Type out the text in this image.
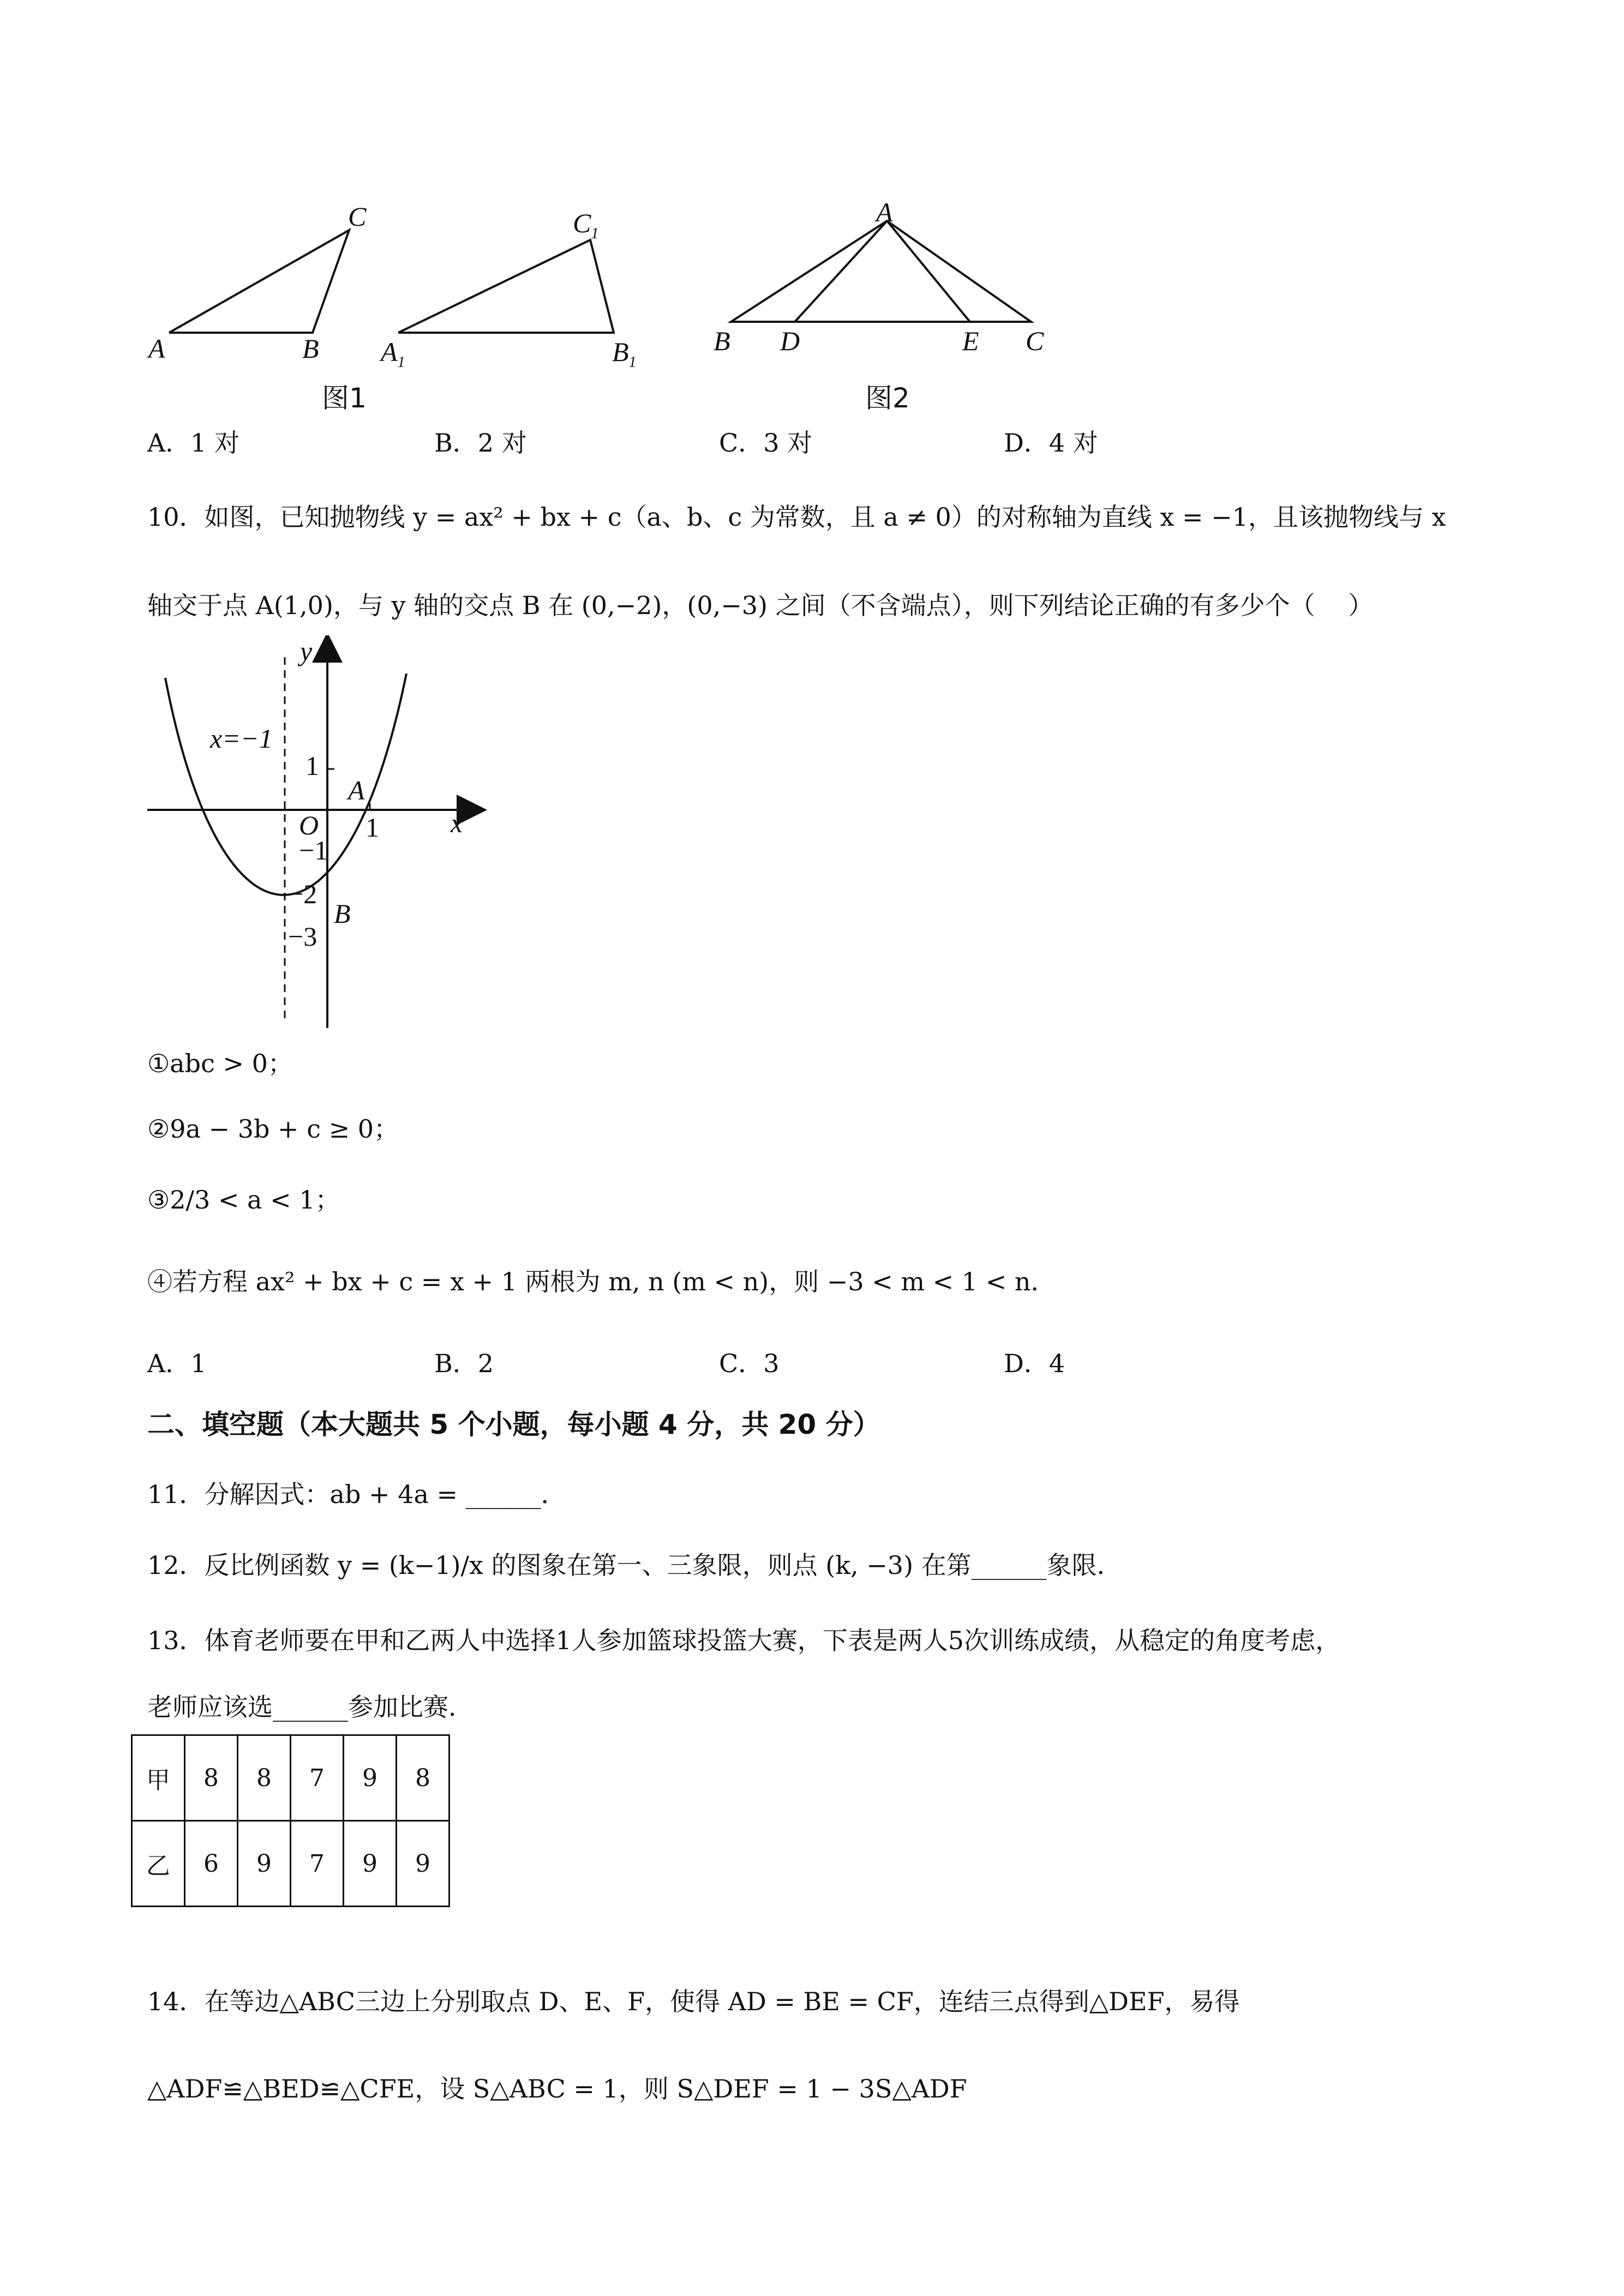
A	B
C
$A_1$	$B_1$
$C_1$
图1
A
B D	E C
图2
A．1 对	B．2 对	C．3 对	D．4 对
10．如图，已知抛物线 y = ax² + bx + c（a、b、c 为常数，且 a ≠ 0）的对称轴为直线 x = −1，且该抛物线与 x
轴交于点 A(1,0)，与 y 轴的交点 B 在 (0,−2)，(0,−3) 之间（不含端点），则下列结论正确的有多少个（　 ）
y
x
O
x=−1
A
B
1
−1
−2
−3
1
①abc > 0；
②9a − 3b + c ≥ 0；
③2/3 < a < 1；
④若方程 ax² + bx + c = x + 1 两根为 m, n (m < n)，则 −3 < m < 1 < n．
A．1	B．2	C．3	D．4
二、填空题（本大题共 5 个小题，每小题 4 分，共 20 分）
11．分解因式：ab + 4a = ______．
12．反比例函数 y = (k−1)/x 的图象在第一、三象限，则点 (k, −3) 在第______象限．
13．体育老师要在甲和乙两人中选择1人参加篮球投篮大赛，下表是两人5次训练成绩，从稳定的角度考虑，
老师应该选______参加比赛．
甲	8	8	7	9	8
乙	6	9	7	9	9
14．在等边△ABC三边上分别取点 D、E、F，使得 AD = BE = CF，连结三点得到△DEF，易得
△ADF≌△BED≌△CFE，设 S△ABC = 1，则 S△DEF = 1 − 3S△ADF
